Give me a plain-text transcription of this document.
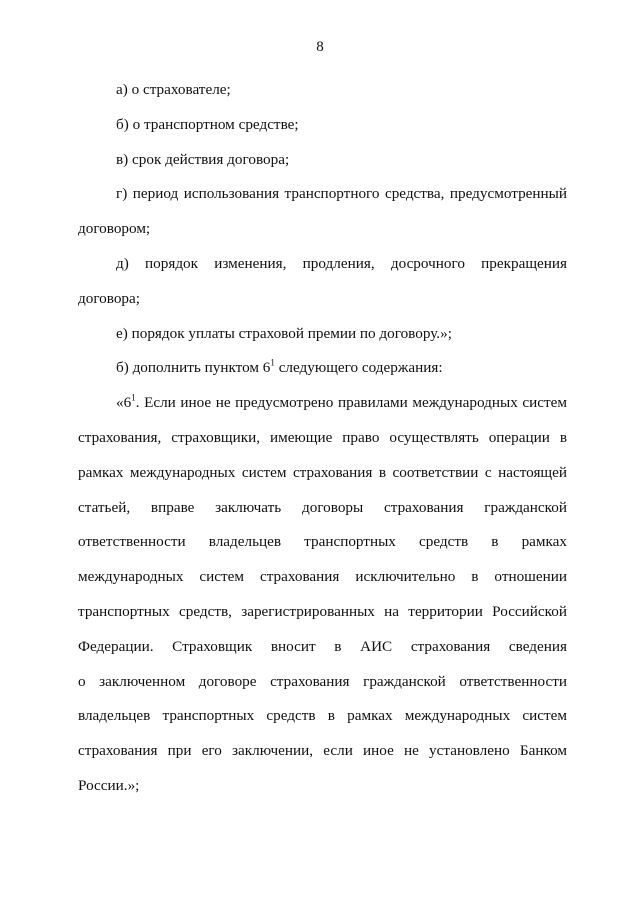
8

а) о страхователе;

б) о транспортном средстве;

в) срок действия договора;

г) период использования транспортного средства, предусмотренный договором;

д) порядок изменения, продления, досрочного прекращения договора;

е) порядок уплаты страховой премии по договору.»;

б) дополнить пунктом $6^1$ следующего содержания:

«$6^1$. Если иное не предусмотрено правилами международных систем
страхования, страховщики, имеющие право осуществлять операции в
рамках международных систем страхования в соответствии с настоящей
статьей, вправе заключать договоры страхования гражданской
ответственности владельцев транспортных средств в рамках
международных систем страхования исключительно в отношении
транспортных средств, зарегистрированных на территории Российской
Федерации. Страховщик вносит в АИС страхования сведения
о заключенном договоре страхования гражданской ответственности
владельцев транспортных средств в рамках международных систем
страхования при его заключении, если иное не установлено Банком
России.»;
